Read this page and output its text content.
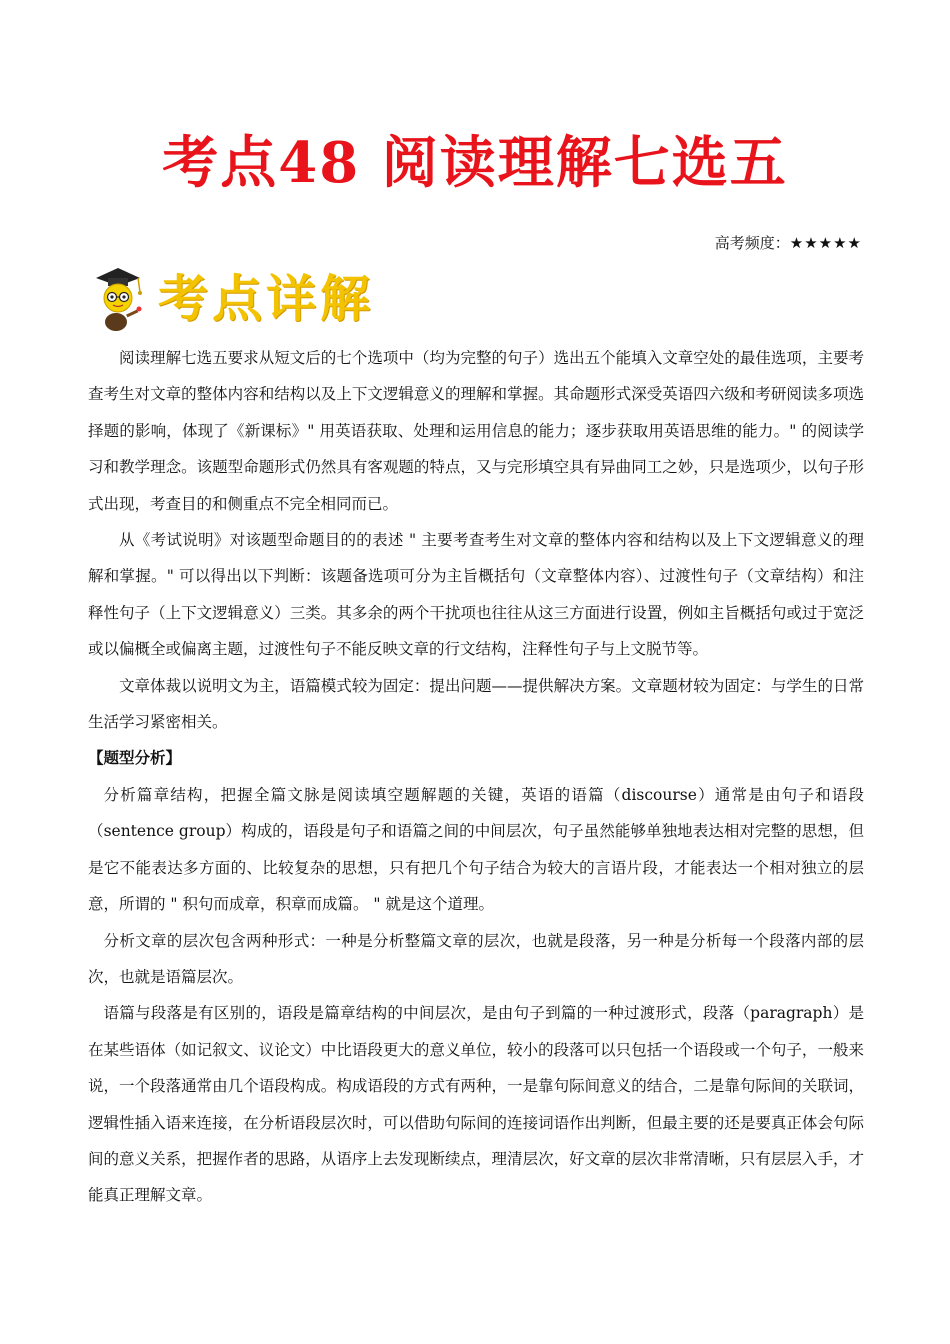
考点48 阅读理解七选五
高考频度：★★★★★
考点详解

阅读理解七选五要求从短文后的七个选项中（均为完整的句子）选出五个能填入文章空处的最佳选项，主要考查考生对文章的整体内容和结构以及上下文逻辑意义的理解和掌握。其命题形式深受英语四六级和考研阅读多项选择题的影响，体现了《新课标》" 用英语获取、处理和运用信息的能力；逐步获取用英语思维的能力。" 的阅读学习和教学理念。该题型命题形式仍然具有客观题的特点，又与完形填空具有异曲同工之妙，只是选项少，以句子形式出现，考查目的和侧重点不完全相同而已。

从《考试说明》对该题型命题目的的表述 " 主要考查考生对文章的整体内容和结构以及上下文逻辑意义的理解和掌握。" 可以得出以下判断：该题备选项可分为主旨概括句（文章整体内容）、过渡性句子（文章结构）和注释性句子（上下文逻辑意义）三类。其多余的两个干扰项也往往从这三方面进行设置，例如主旨概括句或过于宽泛或以偏概全或偏离主题，过渡性句子不能反映文章的行文结构，注释性句子与上文脱节等。

文章体裁以说明文为主，语篇模式较为固定：提出问题——提供解决方案。文章题材较为固定：与学生的日常生活学习紧密相关。

【题型分析】

分析篇章结构，把握全篇文脉是阅读填空题解题的关键，英语的语篇（discourse）通常是由句子和语段（sentence group）构成的，语段是句子和语篇之间的中间层次，句子虽然能够单独地表达相对完整的思想，但是它不能表达多方面的、比较复杂的思想，只有把几个句子结合为较大的言语片段，才能表达一个相对独立的层意，所谓的 " 积句而成章，积章而成篇。 " 就是这个道理。

分析文章的层次包含两种形式：一种是分析整篇文章的层次，也就是段落，另一种是分析每一个段落内部的层次，也就是语篇层次。

语篇与段落是有区别的，语段是篇章结构的中间层次，是由句子到篇的一种过渡形式，段落（paragraph）是在某些语体（如记叙文、议论文）中比语段更大的意义单位，较小的段落可以只包括一个语段或一个句子，一般来说，一个段落通常由几个语段构成。构成语段的方式有两种，一是靠句际间意义的结合，二是靠句际间的关联词，逻辑性插入语来连接，在分析语段层次时，可以借助句际间的连接词语作出判断，但最主要的还是要真正体会句际间的意义关系，把握作者的思路，从语序上去发现断续点，理清层次，好文章的层次非常清晰，只有层层入手，才能真正理解文章。
